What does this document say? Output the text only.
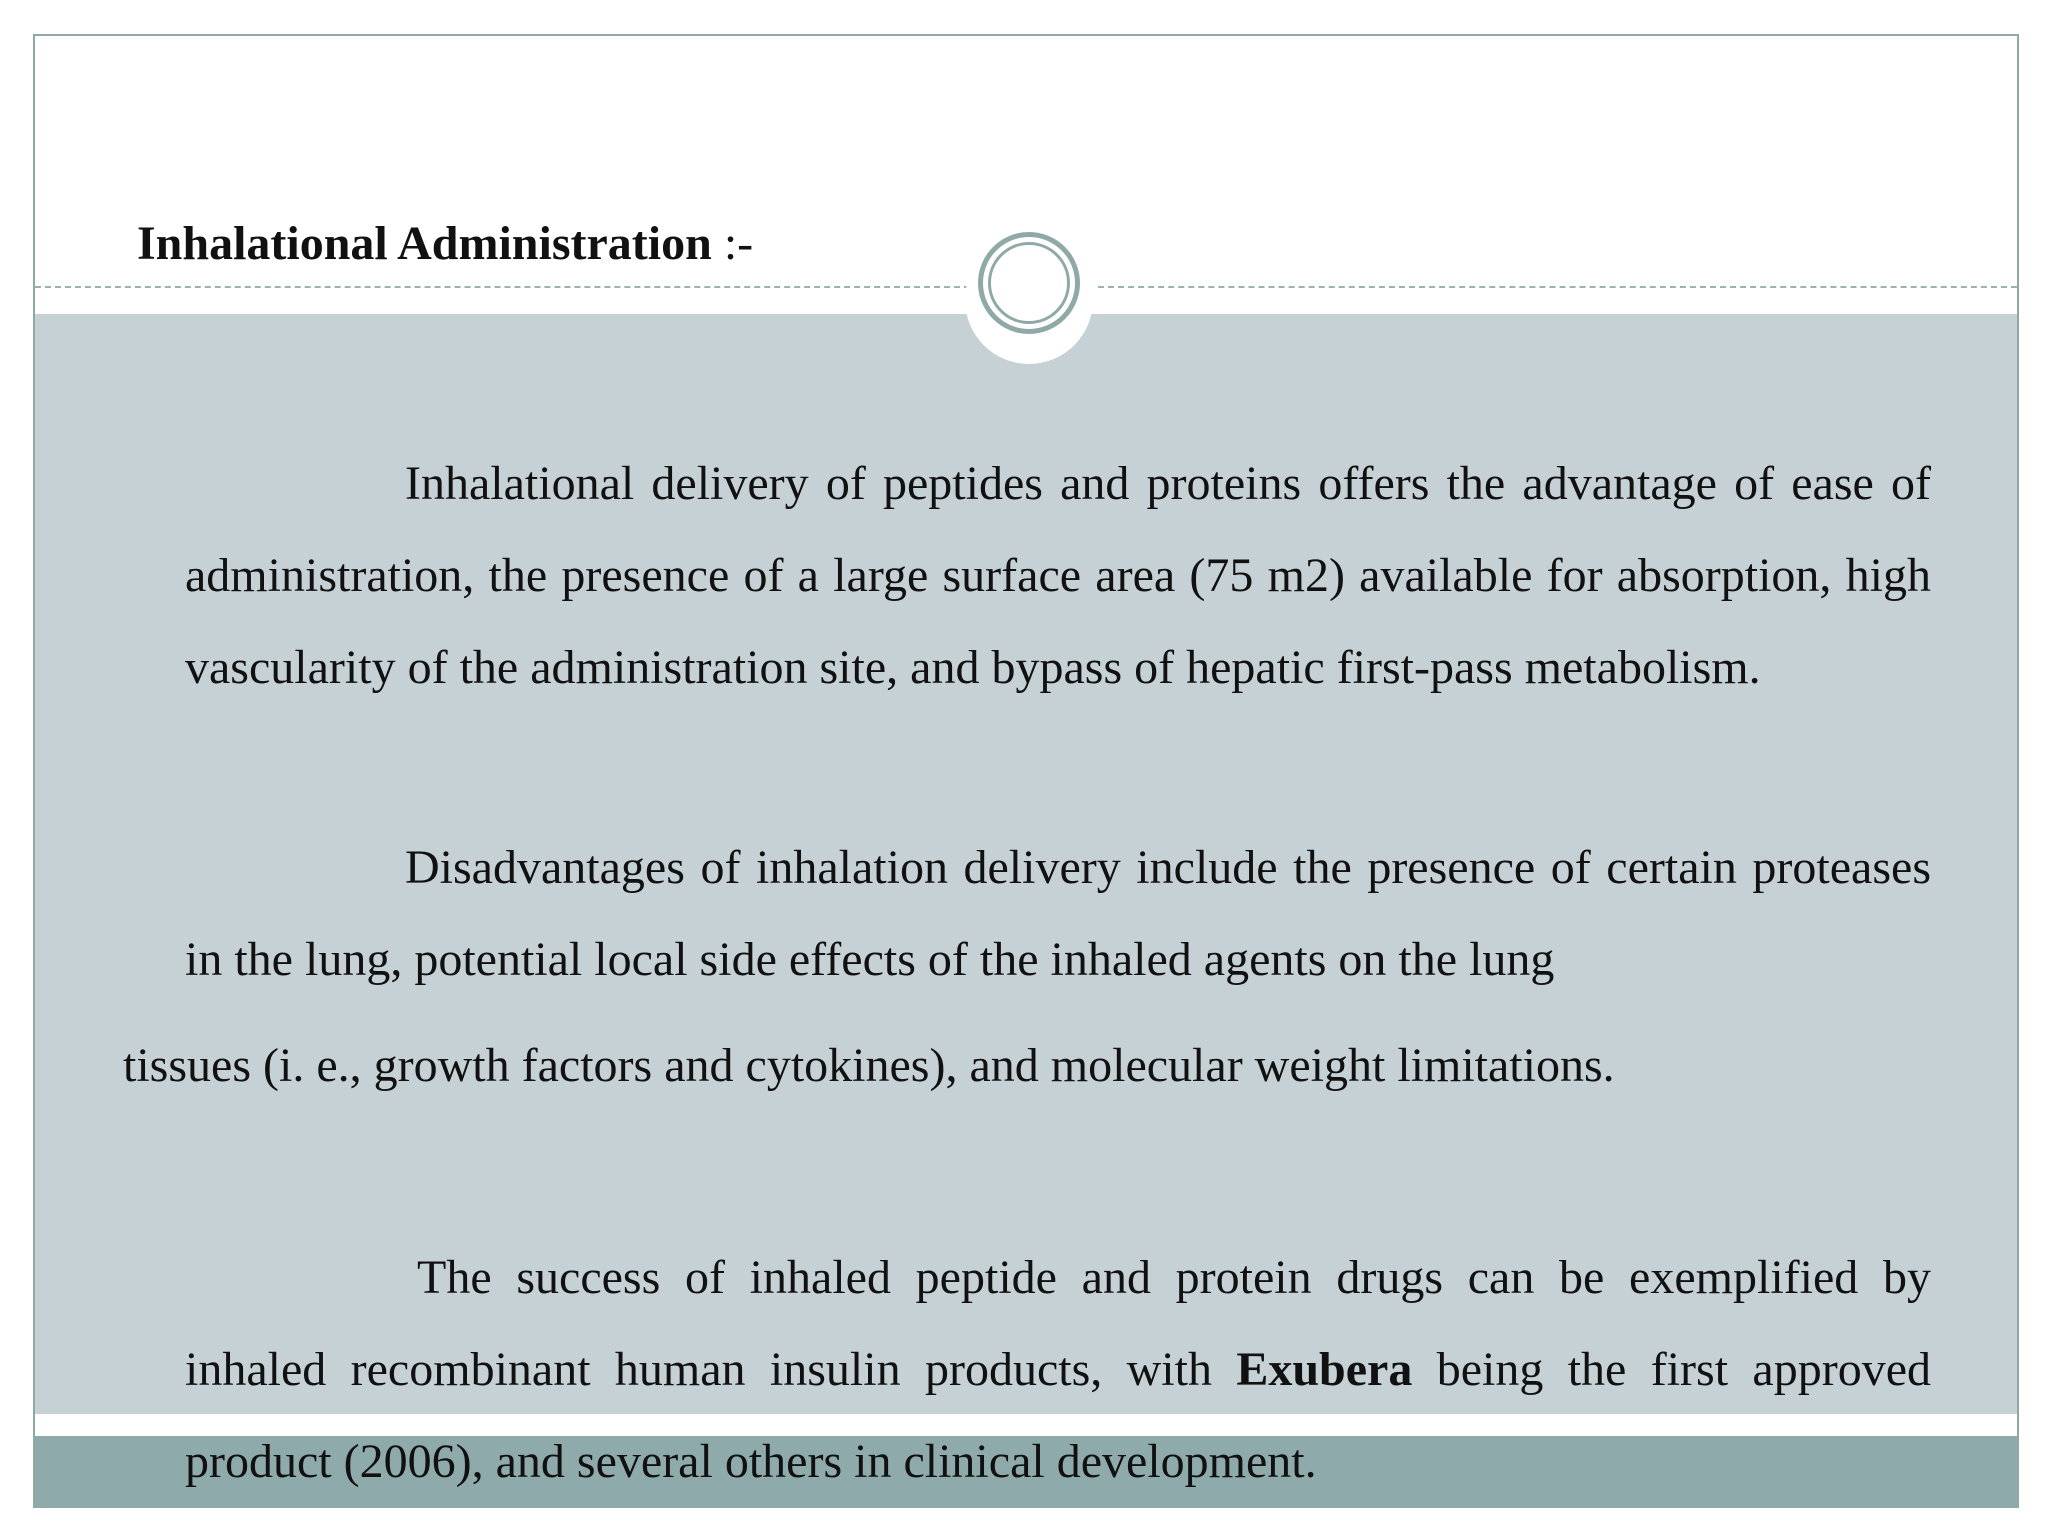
Inhalational Administration :-
Inhalational delivery of peptides and proteins offers the advantage of ease of administration, the presence of a large surface area (75 m2) available for absorption, high vascularity of the administration site, and bypass of hepatic first-pass metabolism.
Disadvantages of inhalation delivery include the presence of certain proteases in the lung, potential local side effects of the inhaled agents on the lung
tissues (i. e., growth factors and cytokines), and molecular weight limitations.
The success of inhaled peptide and protein drugs can be exemplified by inhaled recombinant human insulin products, with Exubera being the first approved product (2006), and several others in clinical development.
